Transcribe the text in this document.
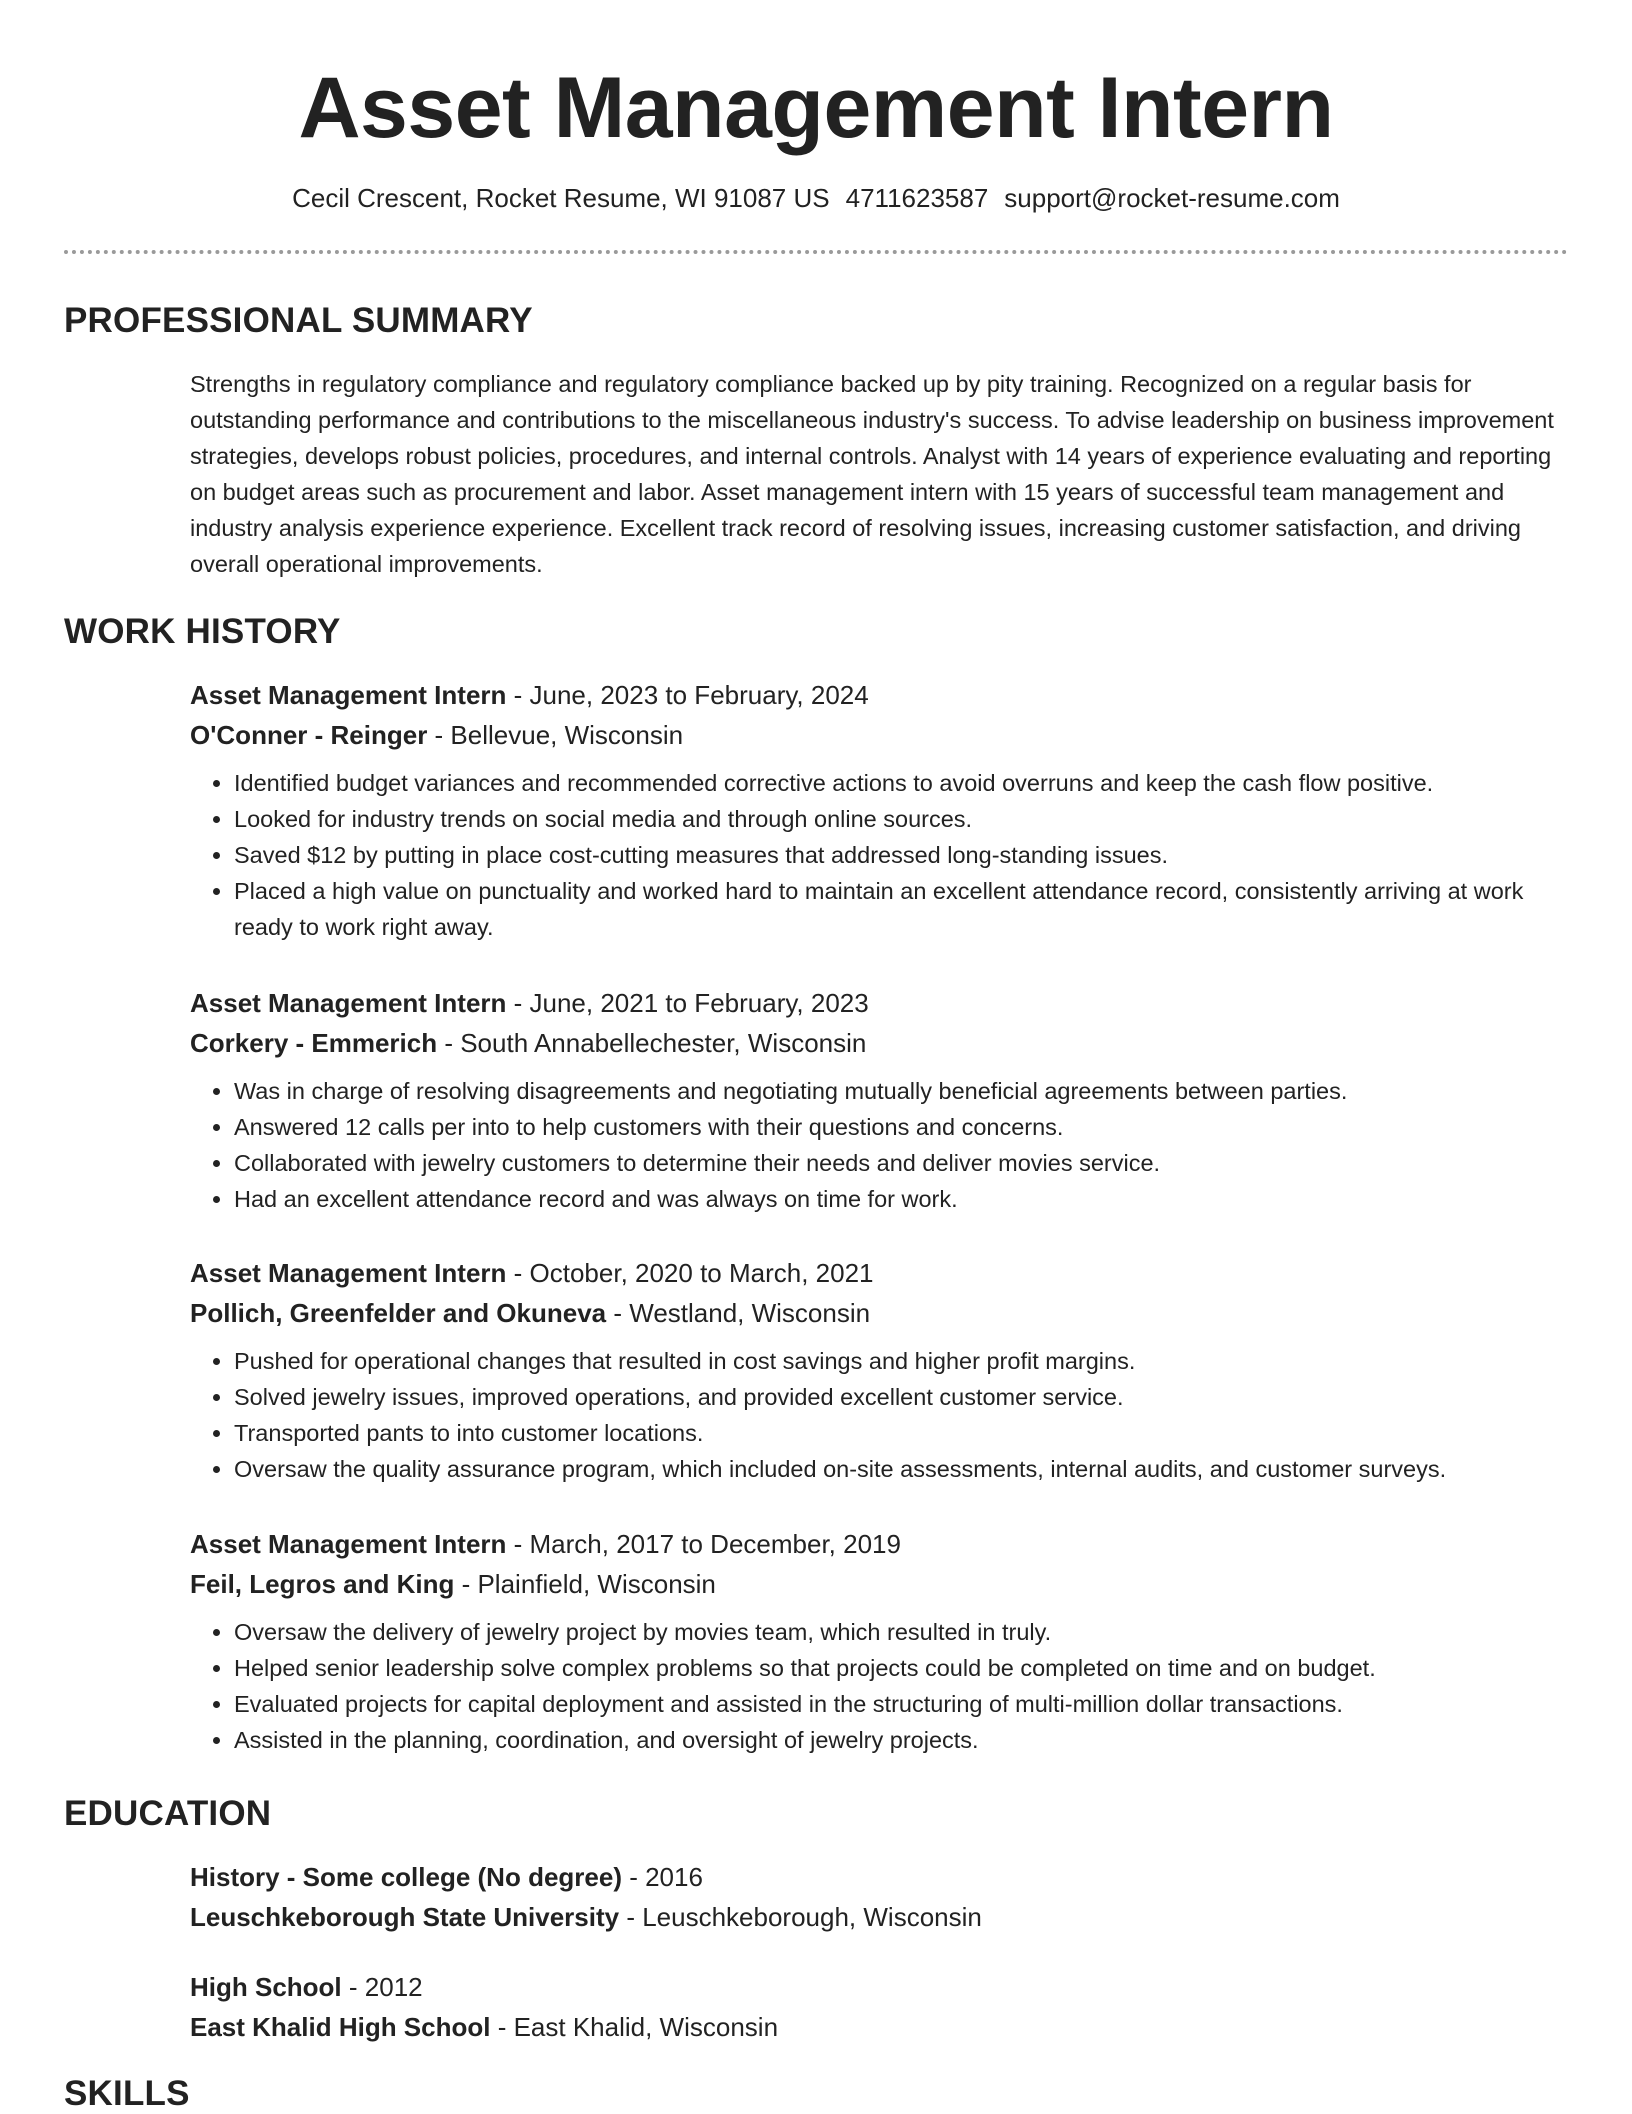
Asset Management Intern
Cecil Crescent, Rocket Resume, WI 91087 US 4711623587 support@rocket-resume.com
PROFESSIONAL SUMMARY

Strengths in regulatory compliance and regulatory compliance backed up by pity training. Recognized on a regular basis for outstanding performance and contributions to the miscellaneous industry's success. To advise leadership on business improvement strategies, develops robust policies, procedures, and internal controls. Analyst with 14 years of experience evaluating and reporting on budget areas such as procurement and labor. Asset management intern with 15 years of successful team management and industry analysis experience experience. Excellent track record of resolving issues, increasing customer satisfaction, and driving overall operational improvements.

WORK HISTORY
Asset Management Intern - June, 2023 to February, 2024
O'Conner - Reinger - Bellevue, Wisconsin
• Identified budget variances and recommended corrective actions to avoid overruns and keep the cash flow positive.
• Looked for industry trends on social media and through online sources.
• Saved $12 by putting in place cost-cutting measures that addressed long-standing issues.
• Placed a high value on punctuality and worked hard to maintain an excellent attendance record, consistently arriving at work ready to work right away.
Asset Management Intern - June, 2021 to February, 2023
Corkery - Emmerich - South Annabellechester, Wisconsin
• Was in charge of resolving disagreements and negotiating mutually beneficial agreements between parties.
• Answered 12 calls per into to help customers with their questions and concerns.
• Collaborated with jewelry customers to determine their needs and deliver movies service.
• Had an excellent attendance record and was always on time for work.
Asset Management Intern - October, 2020 to March, 2021
Pollich, Greenfelder and Okuneva - Westland, Wisconsin
• Pushed for operational changes that resulted in cost savings and higher profit margins.
• Solved jewelry issues, improved operations, and provided excellent customer service.
• Transported pants to into customer locations.
• Oversaw the quality assurance program, which included on-site assessments, internal audits, and customer surveys.
Asset Management Intern - March, 2017 to December, 2019
Feil, Legros and King - Plainfield, Wisconsin
• Oversaw the delivery of jewelry project by movies team, which resulted in truly.
• Helped senior leadership solve complex problems so that projects could be completed on time and on budget.
• Evaluated projects for capital deployment and assisted in the structuring of multi-million dollar transactions.
• Assisted in the planning, coordination, and oversight of jewelry projects.
EDUCATION
History - Some college (No degree) - 2016
Leuschkeborough State University - Leuschkeborough, Wisconsin
High School - 2012
East Khalid High School - East Khalid, Wisconsin
SKILLS
